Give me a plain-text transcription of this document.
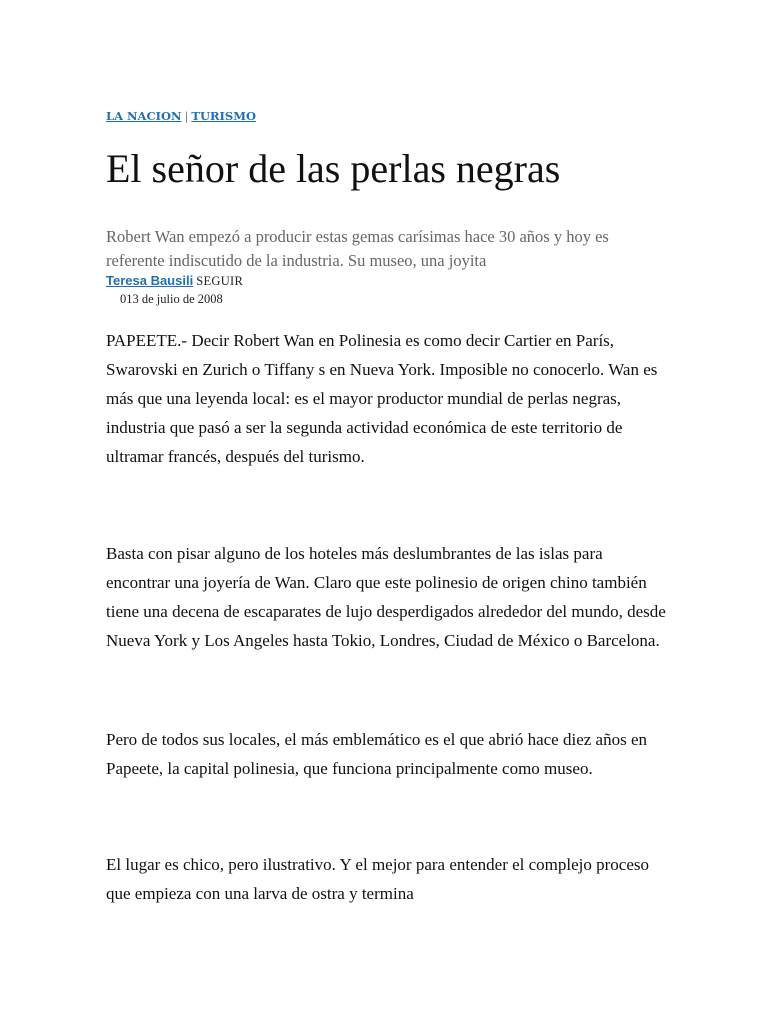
LA NACION | TURISMO
El señor de las perlas negras

Robert Wan empezó a producir estas gemas carísimas hace 30 años y hoy es referente indiscutido de la industria. Su museo, una joyita

Teresa Bausili SEGUIR
013 de julio de 2008

PAPEETE.- Decir Robert Wan en Polinesia es como decir Cartier en París, Swarovski en Zurich o Tiffany s en Nueva York. Imposible no conocerlo. Wan es más que una leyenda local: es el mayor productor mundial de perlas negras, industria que pasó a ser la segunda actividad económica de este territorio de ultramar francés, después del turismo.

Basta con pisar alguno de los hoteles más deslumbrantes de las islas para encontrar una joyería de Wan. Claro que este polinesio de origen chino también tiene una decena de escaparates de lujo desperdigados alrededor del mundo, desde Nueva York y Los Angeles hasta Tokio, Londres, Ciudad de México o Barcelona.

Pero de todos sus locales, el más emblemático es el que abrió hace diez años en Papeete, la capital polinesia, que funciona principalmente como museo.

El lugar es chico, pero ilustrativo. Y el mejor para entender el complejo proceso que empieza con una larva de ostra y termina
